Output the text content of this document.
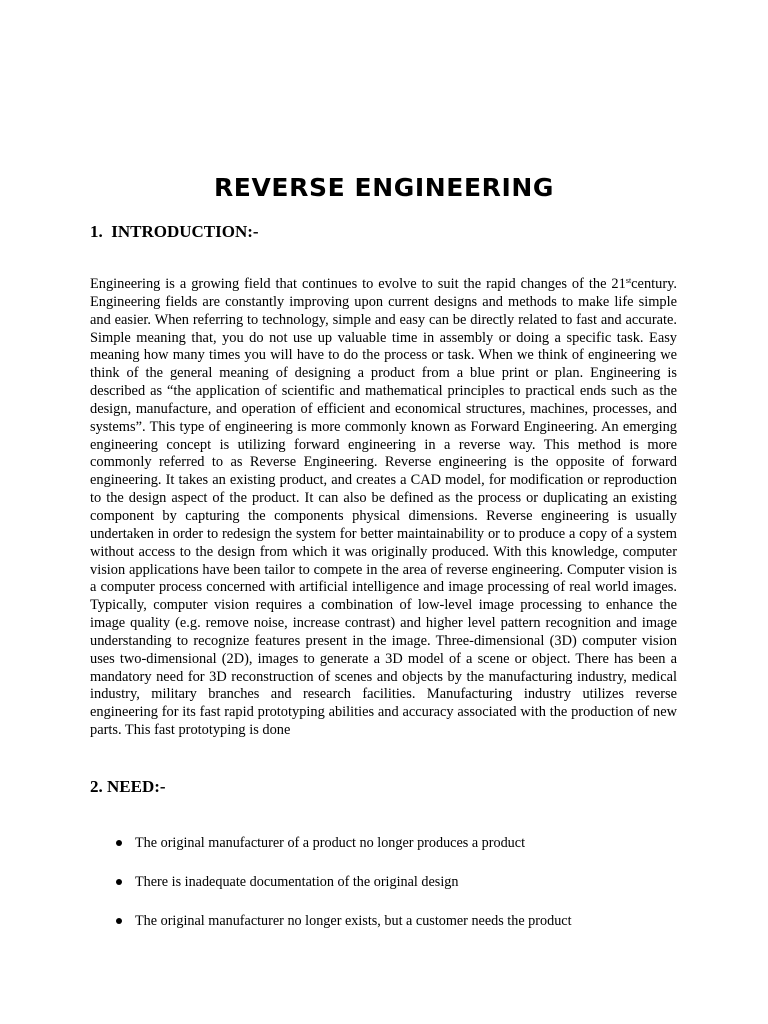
REVERSE ENGINEERING
1. INTRODUCTION:-

Engineering is a growing field that continues to evolve to suit the rapid changes of the 21stcentury. Engineering fields are constantly improving upon current designs and methods to make life simple and easier. When referring to technology, simple and easy can be directly related to fast and accurate. Simple meaning that, you do not use up valuable time in assembly or doing a specific task. Easy meaning how many times you will have to do the process or task. When we think of engineering we think of the general meaning of designing a product from a blue print or plan. Engineering is described as “the application of scientific and mathematical principles to practical ends such as the design, manufacture, and operation of efficient and economical structures, machines, processes, and systems”. This type of engineering is more commonly known as Forward Engineering. An emerging engineering concept is utilizing forward engineering in a reverse way. This method is more commonly referred to as Reverse Engineering. Reverse engineering is the opposite of forward engineering. It takes an existing product, and creates a CAD model, for modification or reproduction to the design aspect of the product. It can also be defined as the process or duplicating an existing component by capturing the components physical dimensions. Reverse engineering is usually undertaken in order to redesign the system for better maintainability or to produce a copy of a system without access to the design from which it was originally produced. With this knowledge, computer vision applications have been tailor to compete in the area of reverse engineering. Computer vision is a computer process concerned with artificial intelligence and image processing of real world images. Typically, computer vision requires a combination of low-level image processing to enhance the image quality (e.g. remove noise, increase contrast) and higher level pattern recognition and image understanding to recognize features present in the image. Three-dimensional (3D) computer vision uses two-dimensional (2D), images to generate a 3D model of a scene or object. There has been a mandatory need for 3D reconstruction of scenes and objects by the manufacturing industry, medical industry, military branches and research facilities. Manufacturing industry utilizes reverse engineering for its fast rapid prototyping abilities and accuracy associated with the production of new parts. This fast prototyping is done

2. NEED:-
The original manufacturer of a product no longer produces a product
There is inadequate documentation of the original design
The original manufacturer no longer exists, but a customer needs the product
